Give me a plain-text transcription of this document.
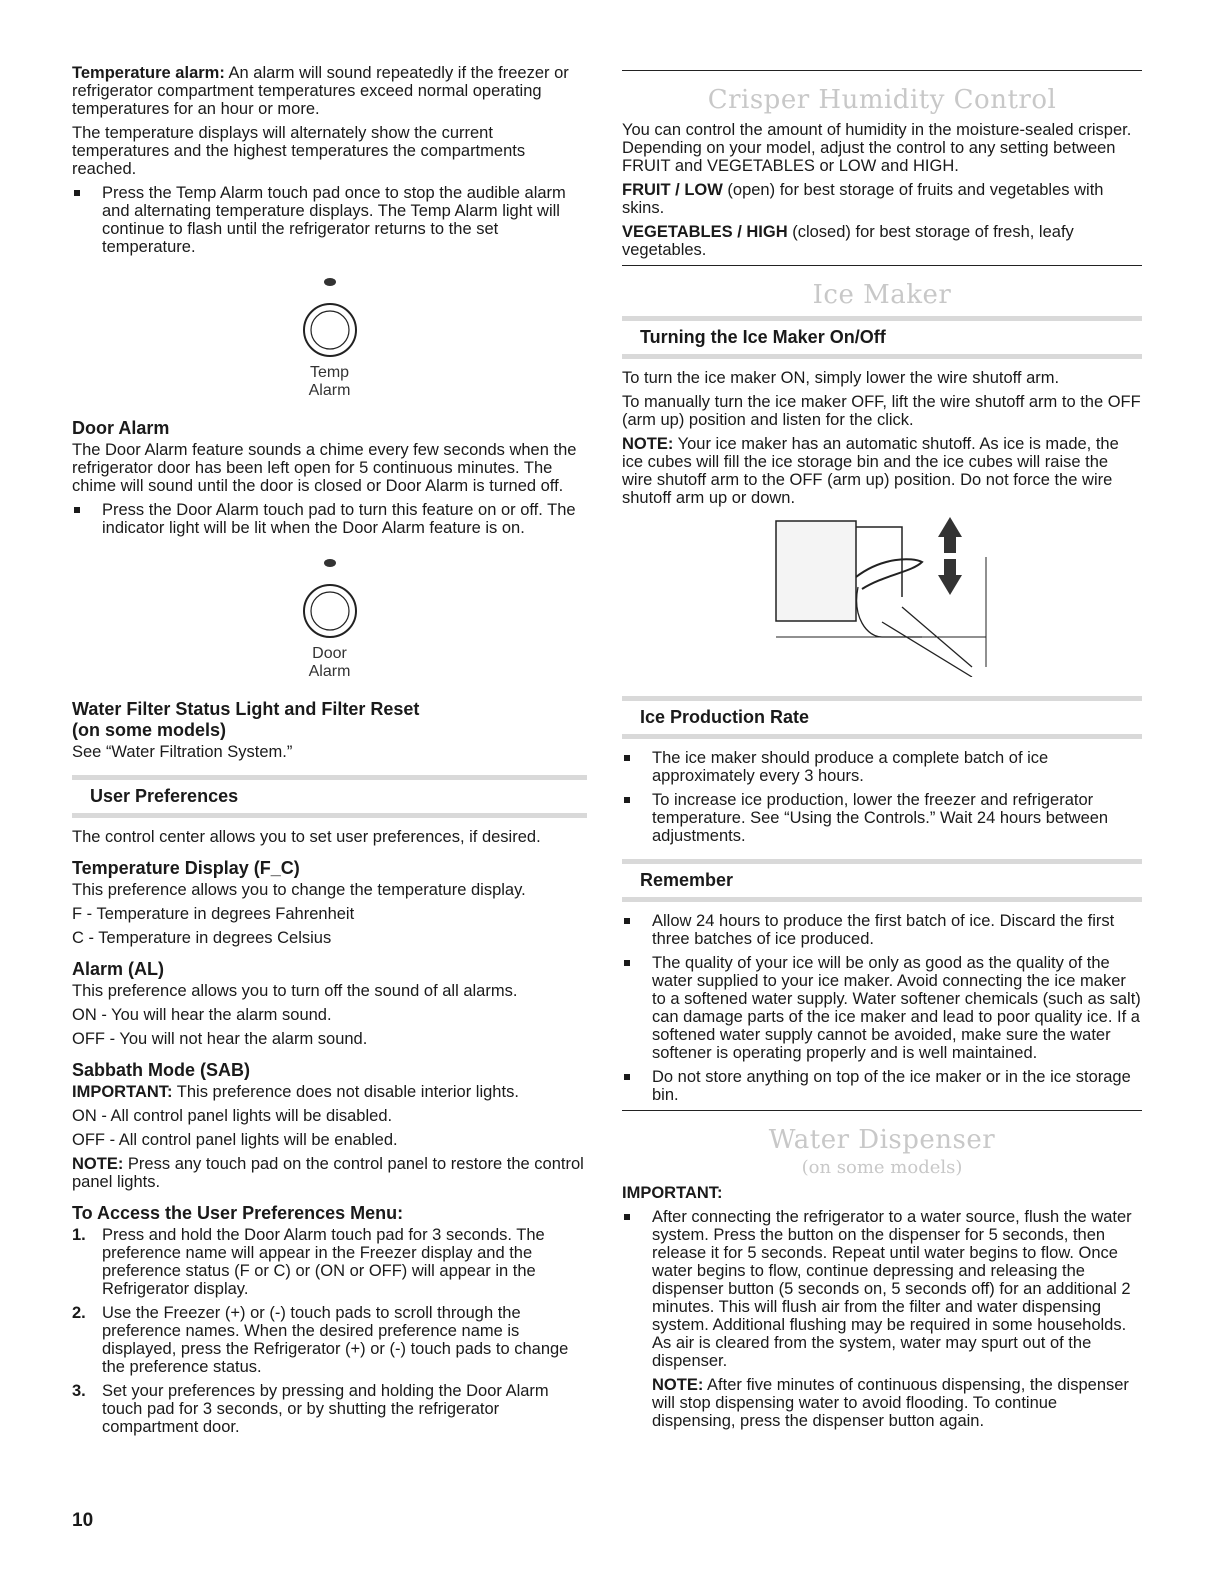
Temperature alarm: An alarm will sound repeatedly if the freezer or refrigerator compartment temperatures exceed normal operating temperatures for an hour or more.

The temperature displays will alternately show the current temperatures and the highest temperatures the compartments reached.

Press the Temp Alarm touch pad once to stop the audible alarm and alternating temperature displays. The Temp Alarm light will continue to flash until the refrigerator returns to the set temperature.
Temp
Alarm
Door Alarm

The Door Alarm feature sounds a chime every few seconds when the refrigerator door has been left open for 5 continuous minutes. The chime will sound until the door is closed or Door Alarm is turned off.

Press the Door Alarm touch pad to turn this feature on or off. The indicator light will be lit when the Door Alarm feature is on.
Door
Alarm
Water Filter Status Light and Filter Reset
(on some models)

See “Water Filtration System.”

User Preferences

The control center allows you to set user preferences, if desired.

Temperature Display (F_C)

This preference allows you to change the temperature display.

F - Temperature in degrees Fahrenheit

C - Temperature in degrees Celsius

Alarm (AL)

This preference allows you to turn off the sound of all alarms.

ON - You will hear the alarm sound.

OFF - You will not hear the alarm sound.

Sabbath Mode (SAB)

IMPORTANT: This preference does not disable interior lights.

ON - All control panel lights will be disabled.

OFF - All control panel lights will be enabled.

NOTE: Press any touch pad on the control panel to restore the control panel lights.

To Access the User Preferences Menu:
1. Press and hold the Door Alarm touch pad for 3 seconds. The preference name will appear in the Freezer display and the preference status (F or C) or (ON or OFF) will appear in the Refrigerator display.
2. Use the Freezer (+) or (-) touch pads to scroll through the preference names. When the desired preference name is displayed, press the Refrigerator (+) or (-) touch pads to change the preference status.
3. Set your preferences by pressing and holding the Door Alarm touch pad for 3 seconds, or by shutting the refrigerator compartment door.
Crisper Humidity Control

You can control the amount of humidity in the moisture-sealed crisper. Depending on your model, adjust the control to any setting between FRUIT and VEGETABLES or LOW and HIGH.

FRUIT / LOW (open) for best storage of fruits and vegetables with skins.

VEGETABLES / HIGH (closed) for best storage of fresh, leafy vegetables.

Ice Maker
Turning the Ice Maker On/Off

To turn the ice maker ON, simply lower the wire shutoff arm.

To manually turn the ice maker OFF, lift the wire shutoff arm to the OFF (arm up) position and listen for the click.

NOTE: Your ice maker has an automatic shutoff. As ice is made, the ice cubes will fill the ice storage bin and the ice cubes will raise the wire shutoff arm to the OFF (arm up) position. Do not force the wire shutoff arm up or down.

Ice Production Rate
The ice maker should produce a complete batch of ice approximately every 3 hours.
To increase ice production, lower the freezer and refrigerator temperature. See “Using the Controls.” Wait 24 hours between adjustments.
Remember
Allow 24 hours to produce the first batch of ice. Discard the first three batches of ice produced.
The quality of your ice will be only as good as the quality of the water supplied to your ice maker. Avoid connecting the ice maker to a softened water supply. Water softener chemicals (such as salt) can damage parts of the ice maker and lead to poor quality ice. If a softened water supply cannot be avoided, make sure the water softener is operating properly and is well maintained.
Do not store anything on top of the ice maker or in the ice storage bin.
Water Dispenser
(on some models)

IMPORTANT:

After connecting the refrigerator to a water source, flush the water system. Press the button on the dispenser for 5 seconds, then release it for 5 seconds. Repeat until water begins to flow. Once water begins to flow, continue depressing and releasing the dispenser button (5 seconds on, 5 seconds off) for an additional 2 minutes. This will flush air from the filter and water dispensing system. Additional flushing may be required in some households. As air is cleared from the system, water may spurt out of the dispenser.

NOTE: After five minutes of continuous dispensing, the dispenser will stop dispensing water to avoid flooding. To continue dispensing, press the dispenser button again.

10
